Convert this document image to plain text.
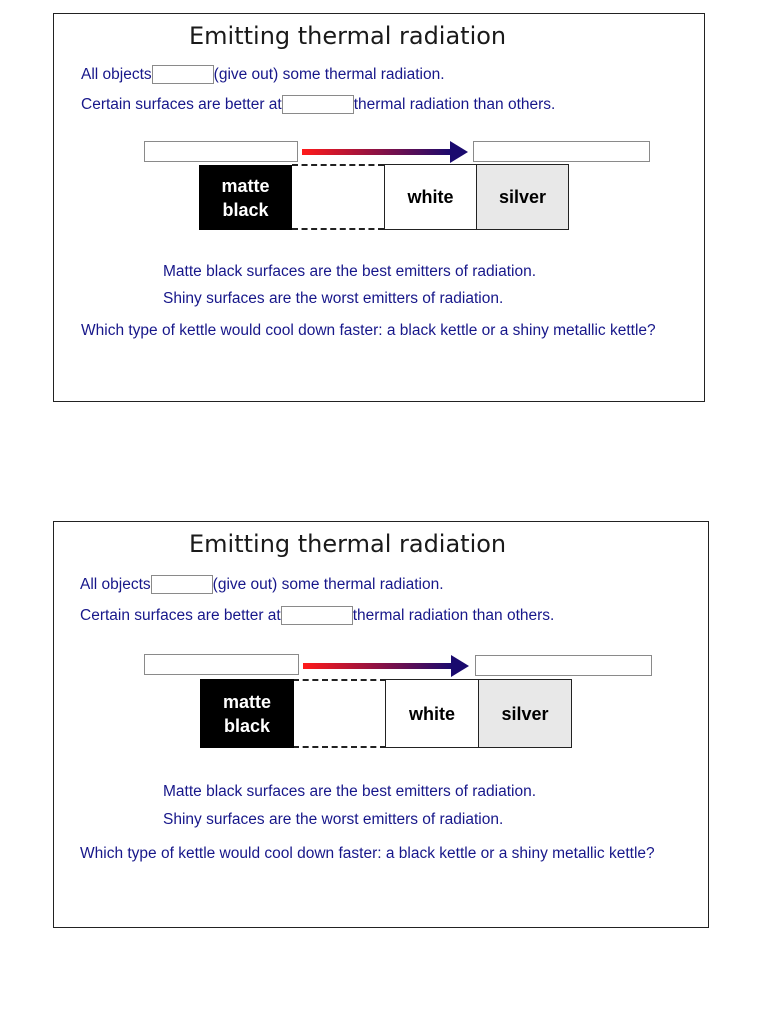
Emitting thermal radiation
All objects	(give out) some thermal radiation.
Certain surfaces are better at	thermal radiation than others.
matte black
white	silver
Matte black surfaces are the best emitters of radiation.
Shiny surfaces are the worst emitters of radiation.
Which type of kettle would cool down faster: a black kettle or a shiny metallic kettle?
Emitting thermal radiation
All objects	(give out) some thermal radiation.
Certain surfaces are better at	thermal radiation than others.
matte black
white	silver
Matte black surfaces are the best emitters of radiation.
Shiny surfaces are the worst emitters of radiation.
Which type of kettle would cool down faster: a black kettle or a shiny metallic kettle?
